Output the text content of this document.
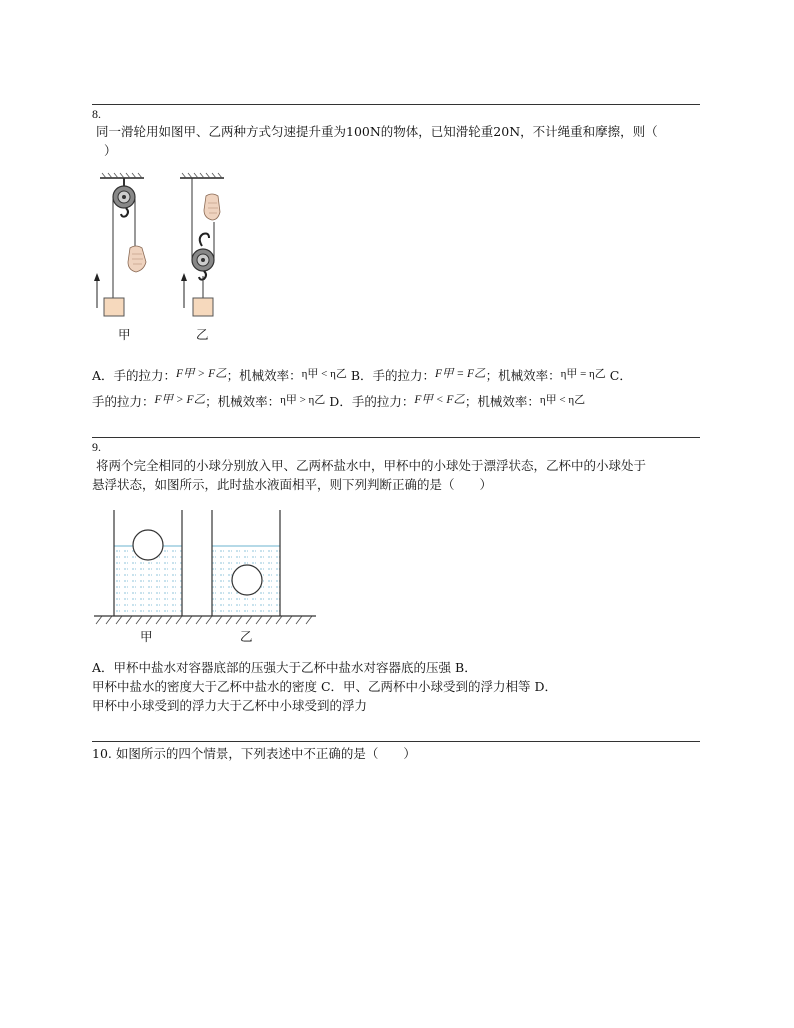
8.
同一滑轮用如图甲、乙两种方式匀速提升重为100N的物体，已知滑轮重20N，不计绳重和摩擦，则（
）
甲	乙
A．手的拉力：F甲 > F乙；机械效率：η甲 < η乙 B．手的拉力：F甲 = F乙；机械效率：η甲 = η乙 C．
手的拉力：F甲 > F乙；机械效率：η甲 > η乙 D．手的拉力：F甲 < F乙；机械效率：η甲 < η乙
9.
将两个完全相同的小球分别放入甲、乙两杯盐水中，甲杯中的小球处于漂浮状态，乙杯中的小球处于
悬浮状态，如图所示，此时盐水液面相平，则下列判断正确的是（　　）
甲	乙
A．甲杯中盐水对容器底部的压强大于乙杯中盐水对容器底的压强 B．
甲杯中盐水的密度大于乙杯中盐水的密度 C．甲、乙两杯中小球受到的浮力相等 D．
甲杯中小球受到的浮力大于乙杯中小球受到的浮力
10. 如图所示的四个情景，下列表述中不正确的是（　　）
